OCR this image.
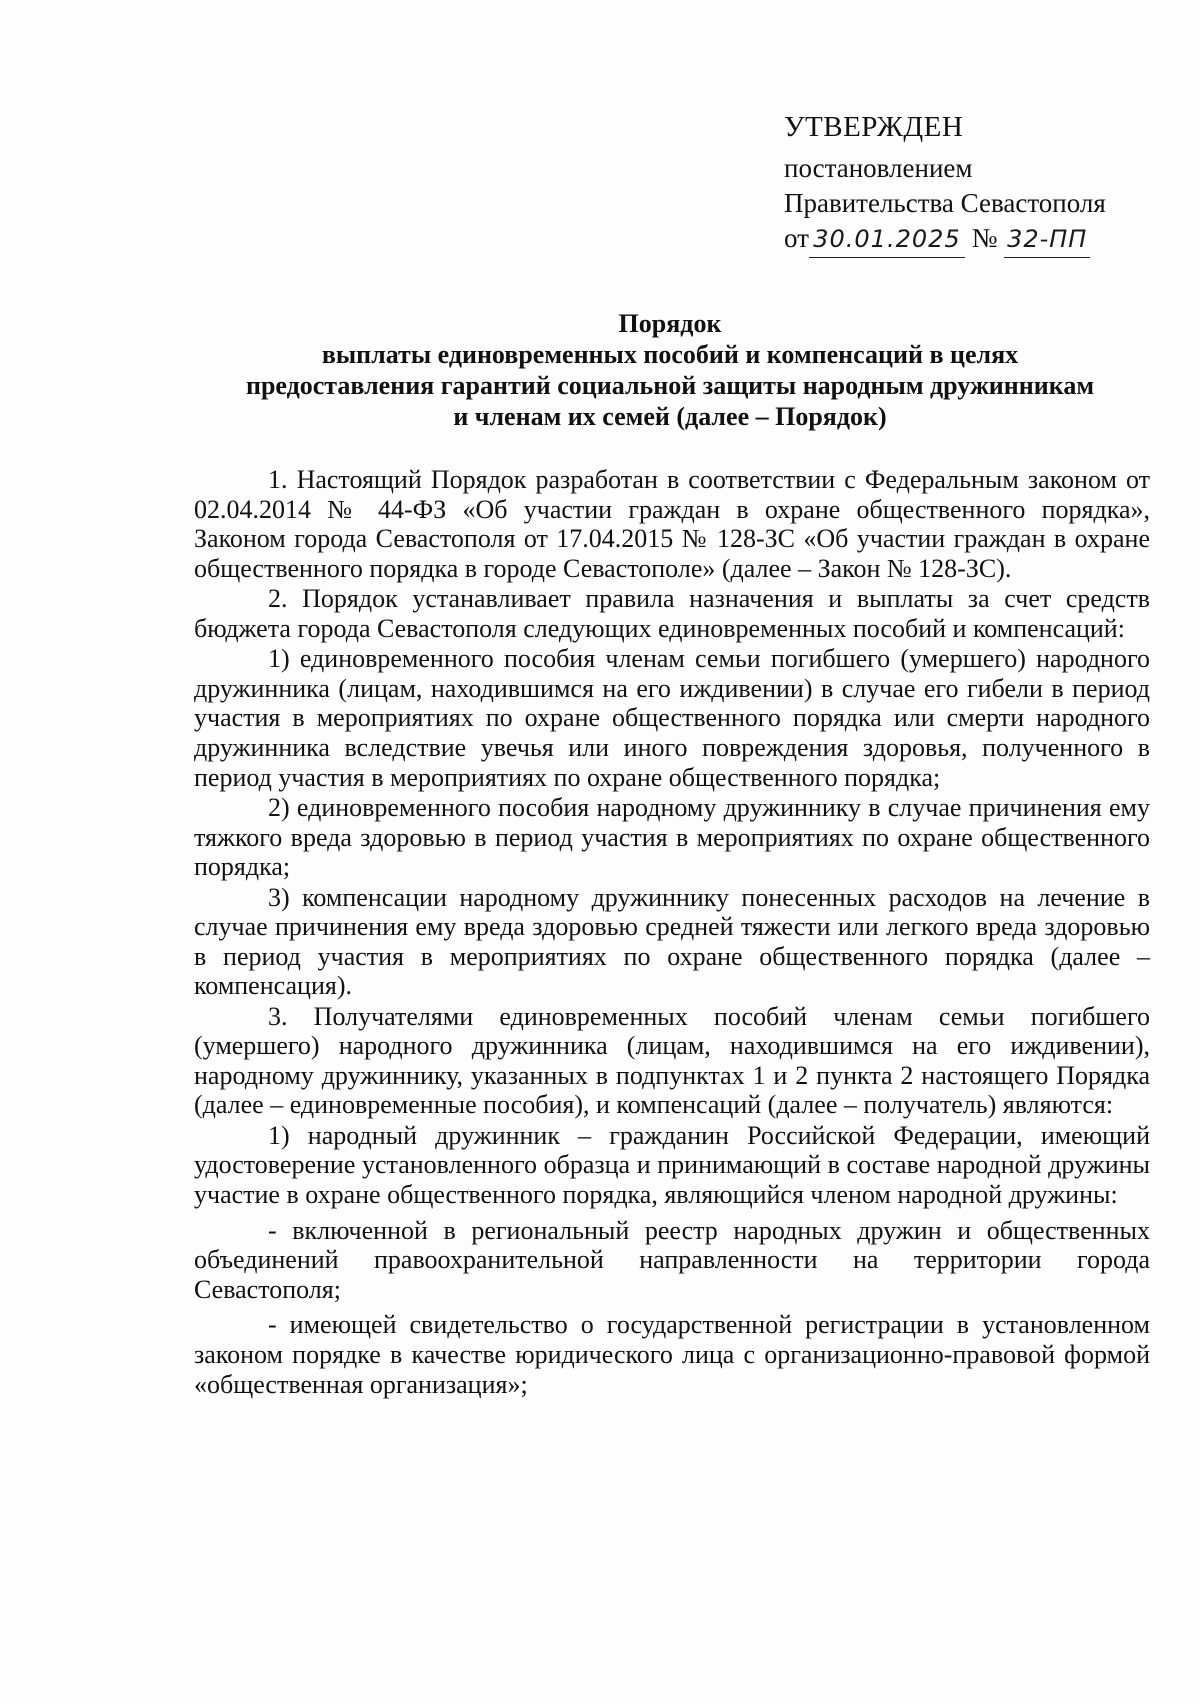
УТВЕРЖДЕН
постановлением
Правительства Севастополя
от 30.01.2025 № 32-ПП
Порядок
выплаты единовременных пособий и компенсаций в целях
предоставления гарантий социальной защиты народным дружинникам
и членам их семей (далее – Порядок)

1. Настоящий Порядок разработан в соответствии с Федеральным законом от 02.04.2014 № 44-ФЗ «Об участии граждан в охране общественного порядка», Законом города Севастополя от 17.04.2015 № 128-ЗС «Об участии граждан в охране общественного порядка в городе Севастополе» (далее – Закон № 128-ЗС).

2. Порядок устанавливает правила назначения и выплаты за счет средств бюджета города Севастополя следующих единовременных пособий и компенсаций:

1) единовременного пособия членам семьи погибшего (умершего) народного дружинника (лицам, находившимся на его иждивении) в случае его гибели в период участия в мероприятиях по охране общественного порядка или смерти народного дружинника вследствие увечья или иного повреждения здоровья, полученного в период участия в мероприятиях по охране общественного порядка;

2) единовременного пособия народному дружиннику в случае причинения ему тяжкого вреда здоровью в период участия в мероприятиях по охране общественного порядка;

3) компенсации народному дружиннику понесенных расходов на лечение в случае причинения ему вреда здоровью средней тяжести или легкого вреда здоровью в период участия в мероприятиях по охране общественного порядка (далее – компенсация).

3. Получателями единовременных пособий членам семьи погибшего (умершего) народного дружинника (лицам, находившимся на его иждивении), народному дружиннику, указанных в подпунктах 1 и 2 пункта 2 настоящего Порядка (далее – единовременные пособия), и компенсаций (далее – получатель) являются:

1) народный дружинник – гражданин Российской Федерации, имеющий удостоверение установленного образца и принимающий в составе народной дружины участие в охране общественного порядка, являющийся членом народной дружины:

- включенной в региональный реестр народных дружин и общественных объединений правоохранительной направленности на территории города Севастополя;

- имеющей свидетельство о государственной регистрации в установленном законом порядке в качестве юридического лица с организационно-правовой формой «общественная организация»;
